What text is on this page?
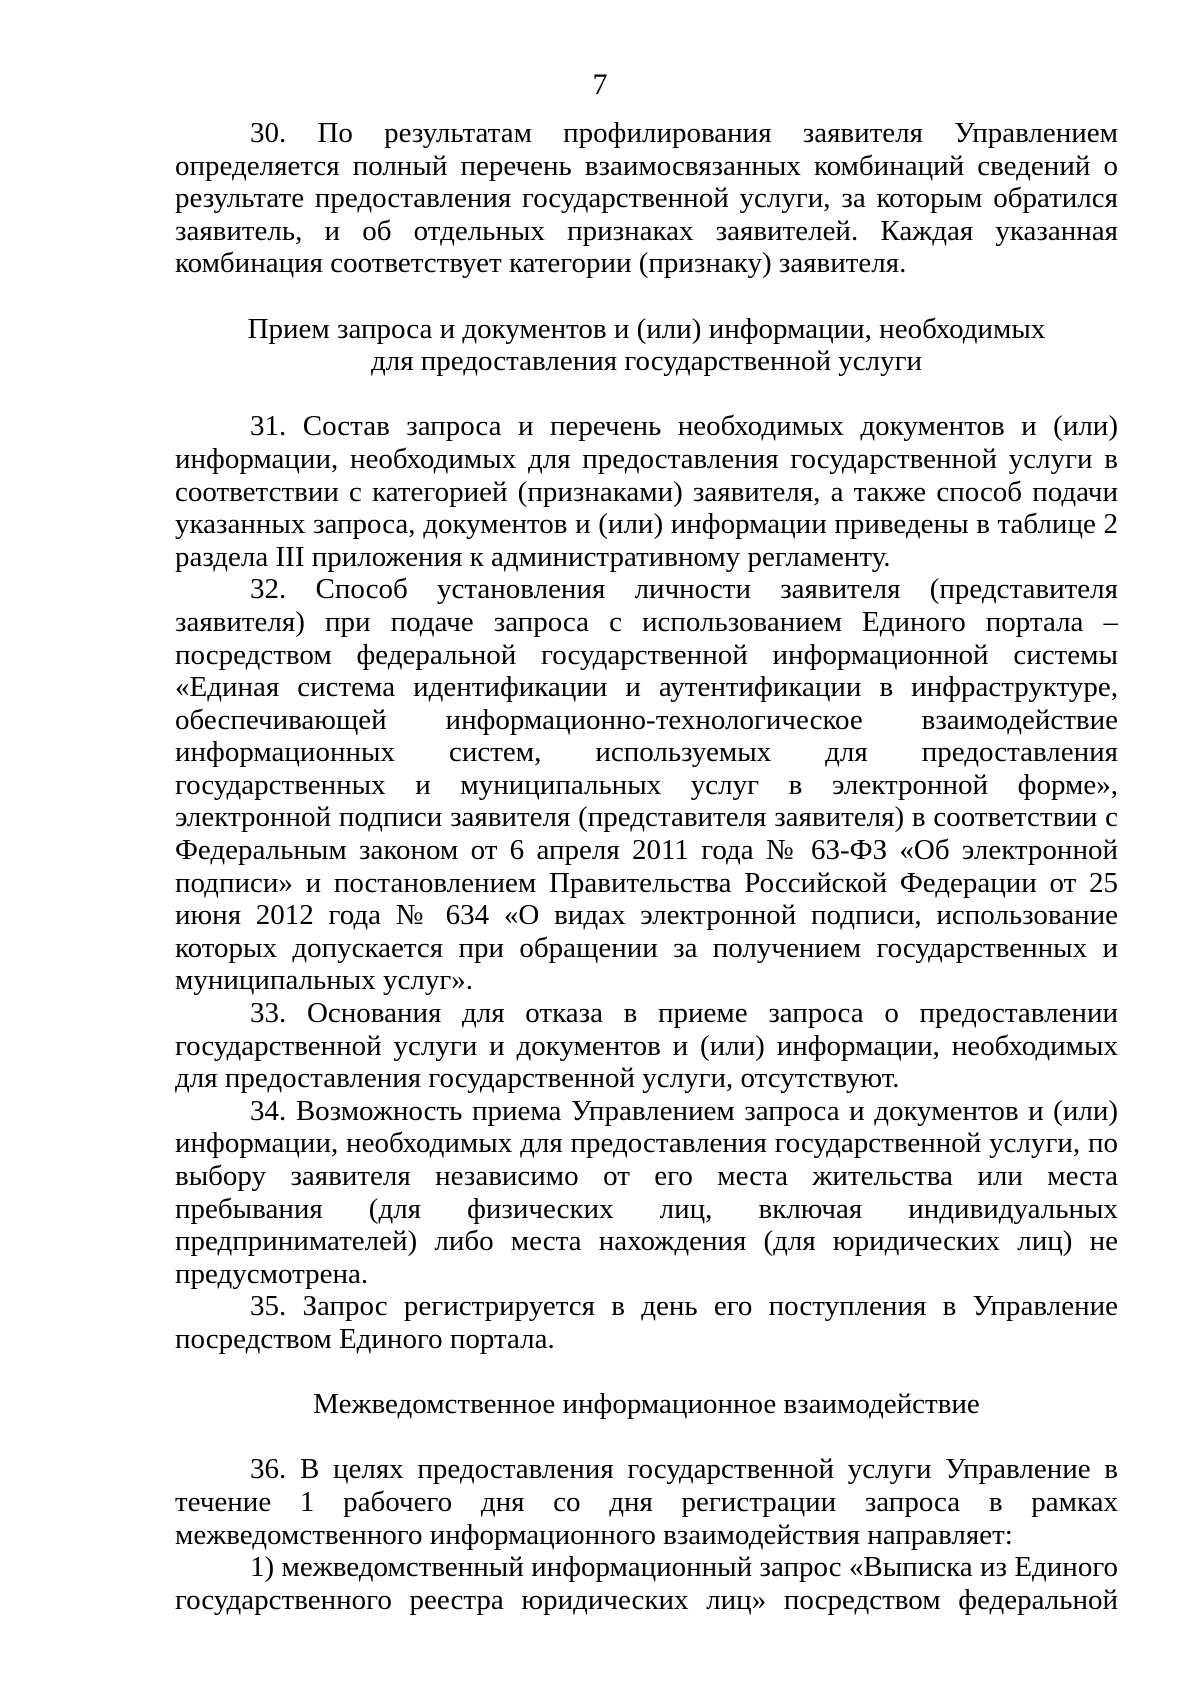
7

30. По результатам профилирования заявителя Управлением определяется полный перечень взаимосвязанных комбинаций сведений о результате предоставления государственной услуги, за которым обратился заявитель, и об отдельных признаках заявителей. Каждая указанная комбинация соответствует категории (признаку) заявителя.

Прием запроса и документов и (или) информации, необходимых
для предоставления государственной услуги

31. Состав запроса и перечень необходимых документов и (или) информации, необходимых для предоставления государственной услуги в соответствии с категорией (признаками) заявителя, а также способ подачи указанных запроса, документов и (или) информации приведены в таблице 2 раздела III приложения к административному регламенту.

32. Способ установления личности заявителя (представителя заявителя) при подаче запроса с использованием Единого портала – посредством федеральной государственной информационной системы «Единая система идентификации и аутентификации в инфраструктуре, обеспечивающей информационно-технологическое взаимодействие информационных систем, используемых для предоставления государственных и муниципальных услуг в электронной форме», электронной подписи заявителя (представителя заявителя) в соответствии с Федеральным законом от 6 апреля 2011 года № 63-ФЗ «Об электронной подписи» и постановлением Правительства Российской Федерации от 25 июня 2012 года № 634 «О видах электронной подписи, использование которых допускается при обращении за получением государственных и муниципальных услуг».

33. Основания для отказа в приеме запроса о предоставлении государственной услуги и документов и (или) информации, необходимых для предоставления государственной услуги, отсутствуют.

34. Возможность приема Управлением запроса и документов и (или) информации, необходимых для предоставления государственной услуги, по выбору заявителя независимо от его места жительства или места пребывания (для физических лиц, включая индивидуальных предпринимателей) либо места нахождения (для юридических лиц) не предусмотрена.

35. Запрос регистрируется в день его поступления в Управление посредством Единого портала.

Межведомственное информационное взаимодействие

36. В целях предоставления государственной услуги Управление в течение 1 рабочего дня со дня регистрации запроса в рамках межведомственного информационного взаимодействия направляет:

1) межведомственный информационный запрос «Выписка из Единого государственного реестра юридических лиц» посредством федеральной
